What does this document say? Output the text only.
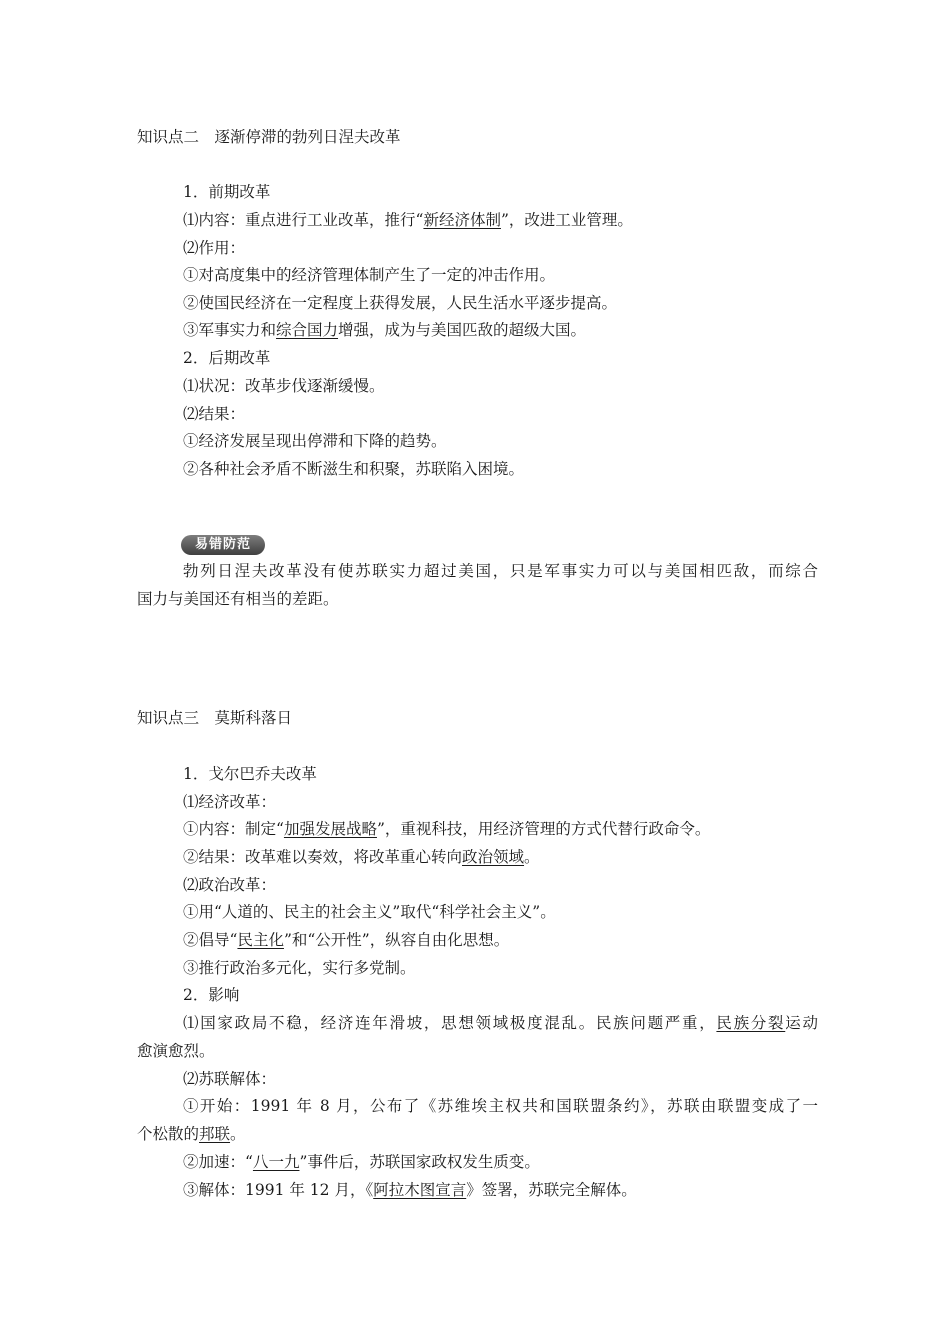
知识点二　逐渐停滞的勃列日涅夫改革
1．前期改革
⑴内容：重点进行工业改革，推行“新经济体制”，改进工业管理。
⑵作用：
①对高度集中的经济管理体制产生了一定的冲击作用。
②使国民经济在一定程度上获得发展，人民生活水平逐步提高。
③军事实力和综合国力增强，成为与美国匹敌的超级大国。
2．后期改革
⑴状况：改革步伐逐渐缓慢。
⑵结果：
①经济发展呈现出停滞和下降的趋势。
②各种社会矛盾不断滋生和积聚，苏联陷入困境。
易错防范
勃列日涅夫改革没有使苏联实力超过美国，只是军事实力可以与美国相匹敌，而综合
国力与美国还有相当的差距。
知识点三　莫斯科落日
1．戈尔巴乔夫改革
⑴经济改革：
①内容：制定“加强发展战略”，重视科技，用经济管理的方式代替行政命令。
②结果：改革难以奏效，将改革重心转向政治领域。
⑵政治改革：
①用“人道的、民主的社会主义”取代“科学社会主义”。
②倡导“民主化”和“公开性”，纵容自由化思想。
③推行政治多元化，实行多党制。
2．影响
⑴国家政局不稳，经济连年滑坡，思想领域极度混乱。民族问题严重，民族分裂运动
愈演愈烈。
⑵苏联解体：
①开始：1991 年 8 月，公布了《苏维埃主权共和国联盟条约》，苏联由联盟变成了一
个松散的邦联。
②加速：“八一九”事件后，苏联国家政权发生质变。
③解体：1991 年 12 月，《阿拉木图宣言》签署，苏联完全解体。
